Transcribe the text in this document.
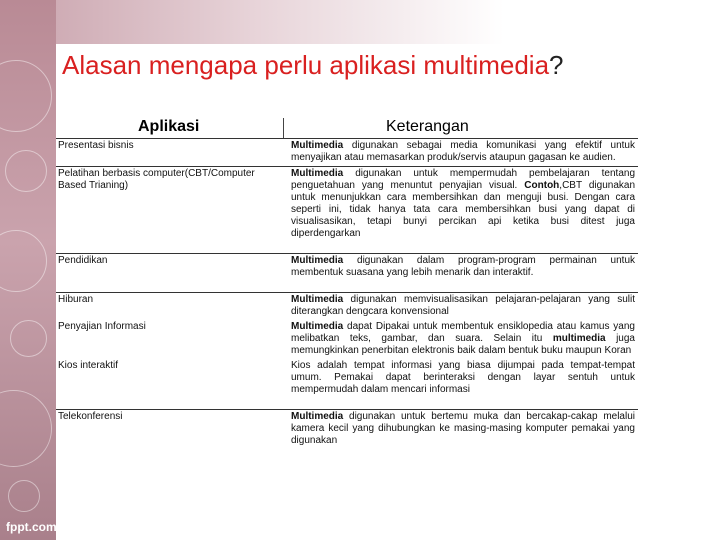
Alasan mengapa perlu aplikasi multimedia?
Aplikasi	Keterangan
Presentasi bisnis	Multimedia digunakan sebagai media komunikasi yang efektif untuk menyajikan atau memasarkan produk/servis ataupun gagasan ke audien.
Pelatihan berbasis computer(CBT/Computer Based Trianing)	Multimedia digunakan untuk mempermudah pembelajaran tentang penguetahuan yang menuntut penyajian visual. Contoh,CBT digunakan untuk menunjukkan cara membersihkan dan menguji busi. Dengan cara seperti ini, tidak hanya tata cara membersihkan busi yang dapat di visualisasikan, tetapi bunyi percikan api ketika busi ditest juga diperdengarkan

Pendidikan	Multimedia digunakan dalam program-program permainan untuk membentuk suasana yang lebih menarik dan interaktif.

Hiburan	Multimedia digunakan memvisualisasikan pelajaran-pelajaran yang sulit diterangkan dengcara konvensional
Penyajian Informasi	Multimedia dapat Dipakai untuk membentuk ensiklopedia atau kamus yang melibatkan teks, gambar, dan suara. Selain itu multimedia juga memungkinkan penerbitan elektronis baik dalam bentuk buku maupun Koran
Kios interaktif	Kios adalah tempat informasi yang biasa dijumpai pada tempat-tempat umum. Pemakai dapat berinteraksi dengan layar sentuh untuk mempermudah dalam mencari informasi

Telekonferensi	Multimedia digunakan untuk bertemu muka dan bercakap-cakap melalui kamera kecil yang dihubungkan ke masing-masing komputer pemakai yang digunakan
fppt.com
